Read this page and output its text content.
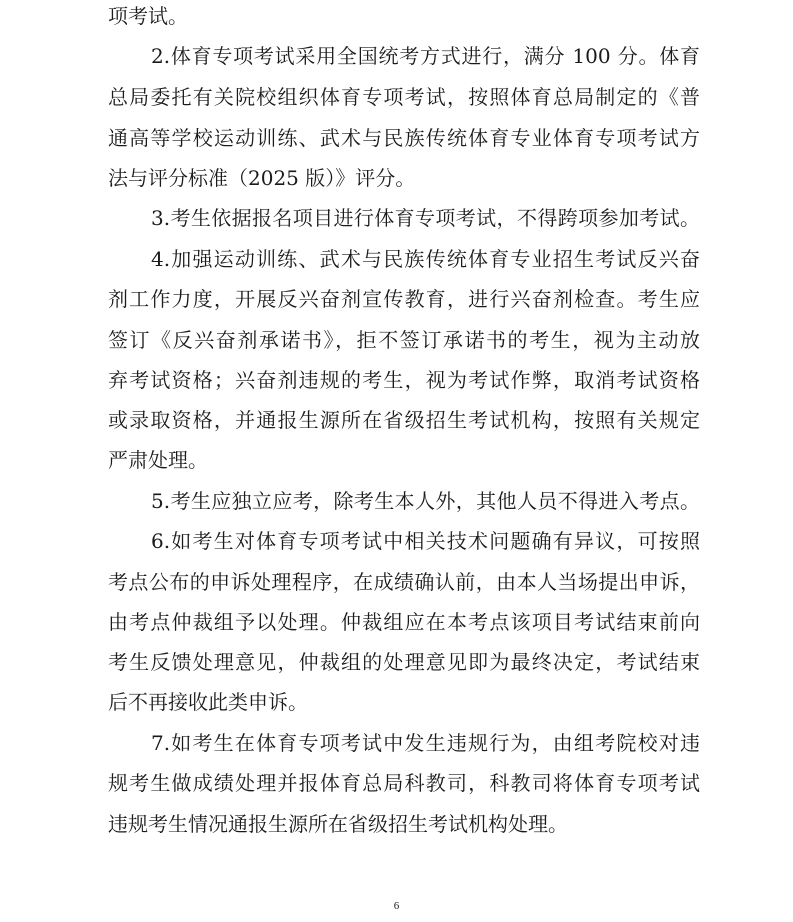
项考试。
2.体育专项考试采用全国统考方式进行，满分 100 分。体育
总局委托有关院校组织体育专项考试，按照体育总局制定的《普
通高等学校运动训练、武术与民族传统体育专业体育专项考试方
法与评分标准（2025 版）》评分。
3.考生依据报名项目进行体育专项考试，不得跨项参加考试。
4.加强运动训练、武术与民族传统体育专业招生考试反兴奋
剂工作力度，开展反兴奋剂宣传教育，进行兴奋剂检查。考生应
签订《反兴奋剂承诺书》，拒不签订承诺书的考生，视为主动放
弃考试资格；兴奋剂违规的考生，视为考试作弊，取消考试资格
或录取资格，并通报生源所在省级招生考试机构，按照有关规定
严肃处理。
5.考生应独立应考，除考生本人外，其他人员不得进入考点。
6.如考生对体育专项考试中相关技术问题确有异议，可按照
考点公布的申诉处理程序，在成绩确认前，由本人当场提出申诉，
由考点仲裁组予以处理。仲裁组应在本考点该项目考试结束前向
考生反馈处理意见，仲裁组的处理意见即为最终决定，考试结束
后不再接收此类申诉。
7.如考生在体育专项考试中发生违规行为，由组考院校对违
规考生做成绩处理并报体育总局科教司，科教司将体育专项考试
违规考生情况通报生源所在省级招生考试机构处理。
6
